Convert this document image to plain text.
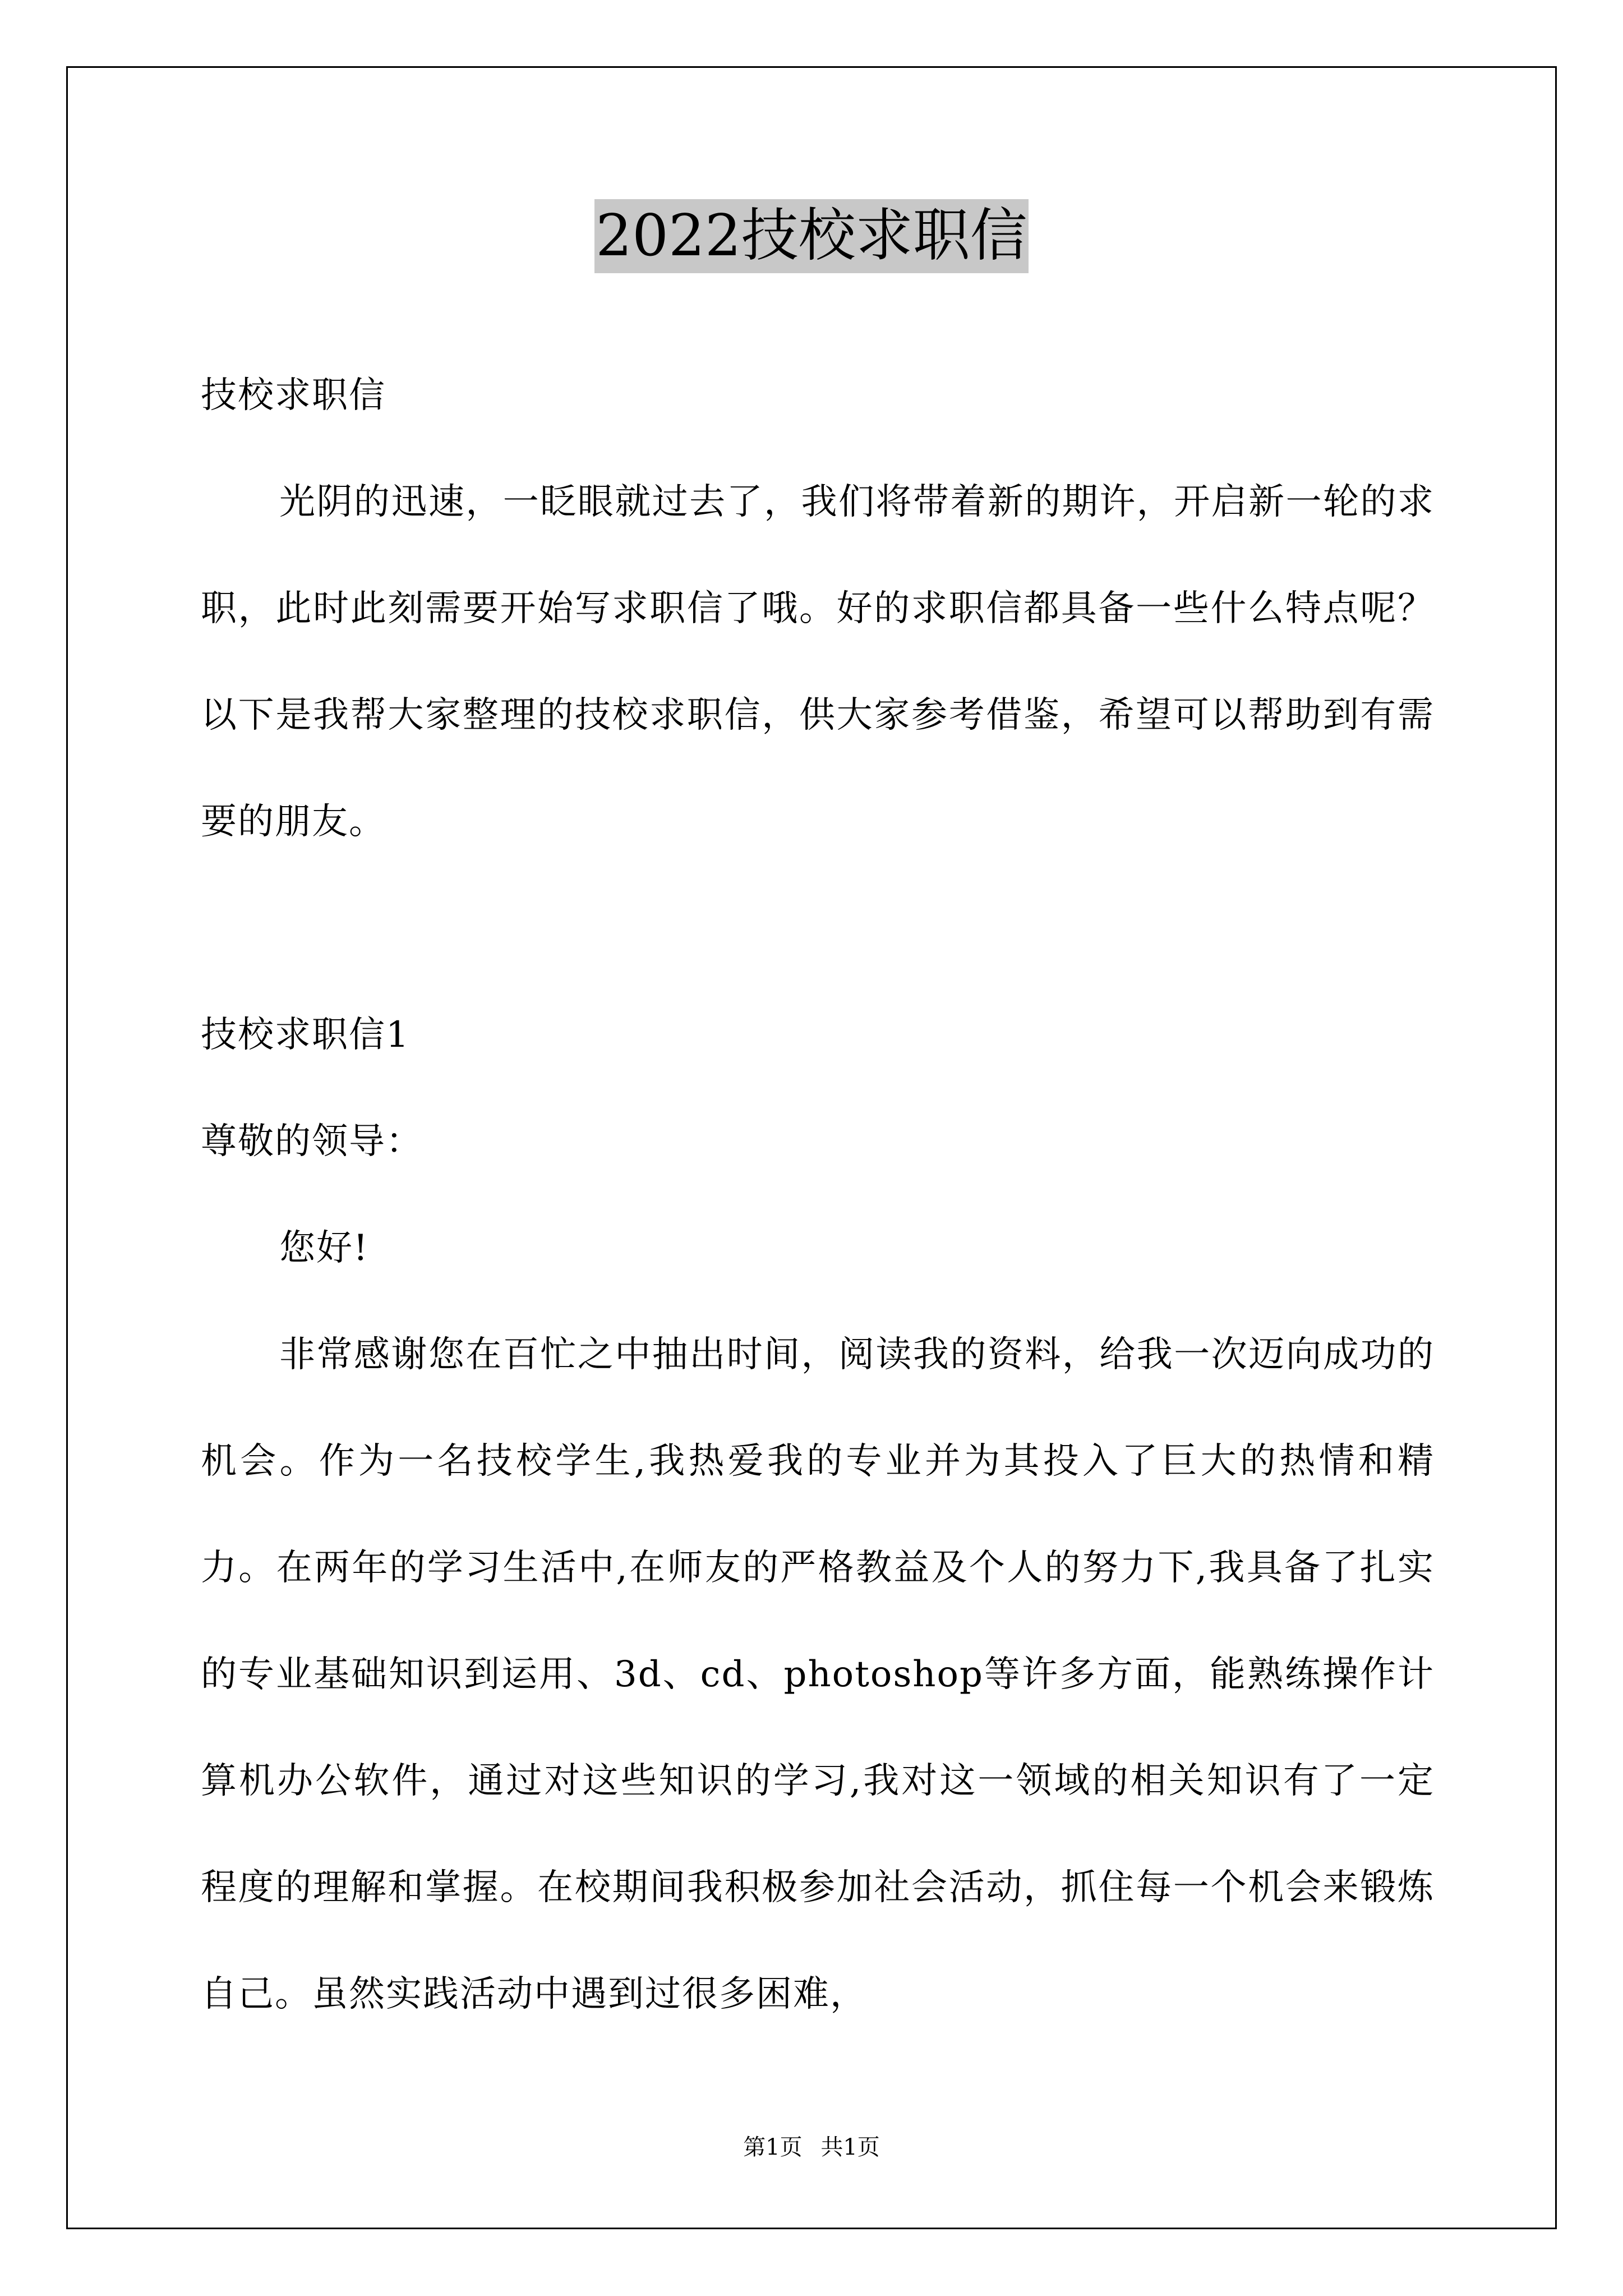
2022技校求职信

技校求职信

光阴的迅速，一眨眼就过去了，我们将带着新的期许，开启新一轮的求职，此时此刻需要开始写求职信了哦。好的求职信都具备一些什么特点呢？以下是我帮大家整理的技校求职信，供大家参考借鉴，希望可以帮助到有需要的朋友。

技校求职信1

尊敬的领导：

您好!

非常感谢您在百忙之中抽出时间，阅读我的资料，给我一次迈向成功的机会。作为一名技校学生,我热爱我的专业并为其投入了巨大的热情和精力。在两年的学习生活中,在师友的严格教益及个人的努力下,我具备了扎实的专业基础知识到运用、3d、cd、photoshop等许多方面，能熟练操作计算机办公软件，通过对这些知识的学习,我对这一领域的相关知识有了一定程度的理解和掌握。在校期间我积极参加社会活动，抓住每一个机会来锻炼自己。虽然实践活动中遇到过很多困难，

第1页 共1页
